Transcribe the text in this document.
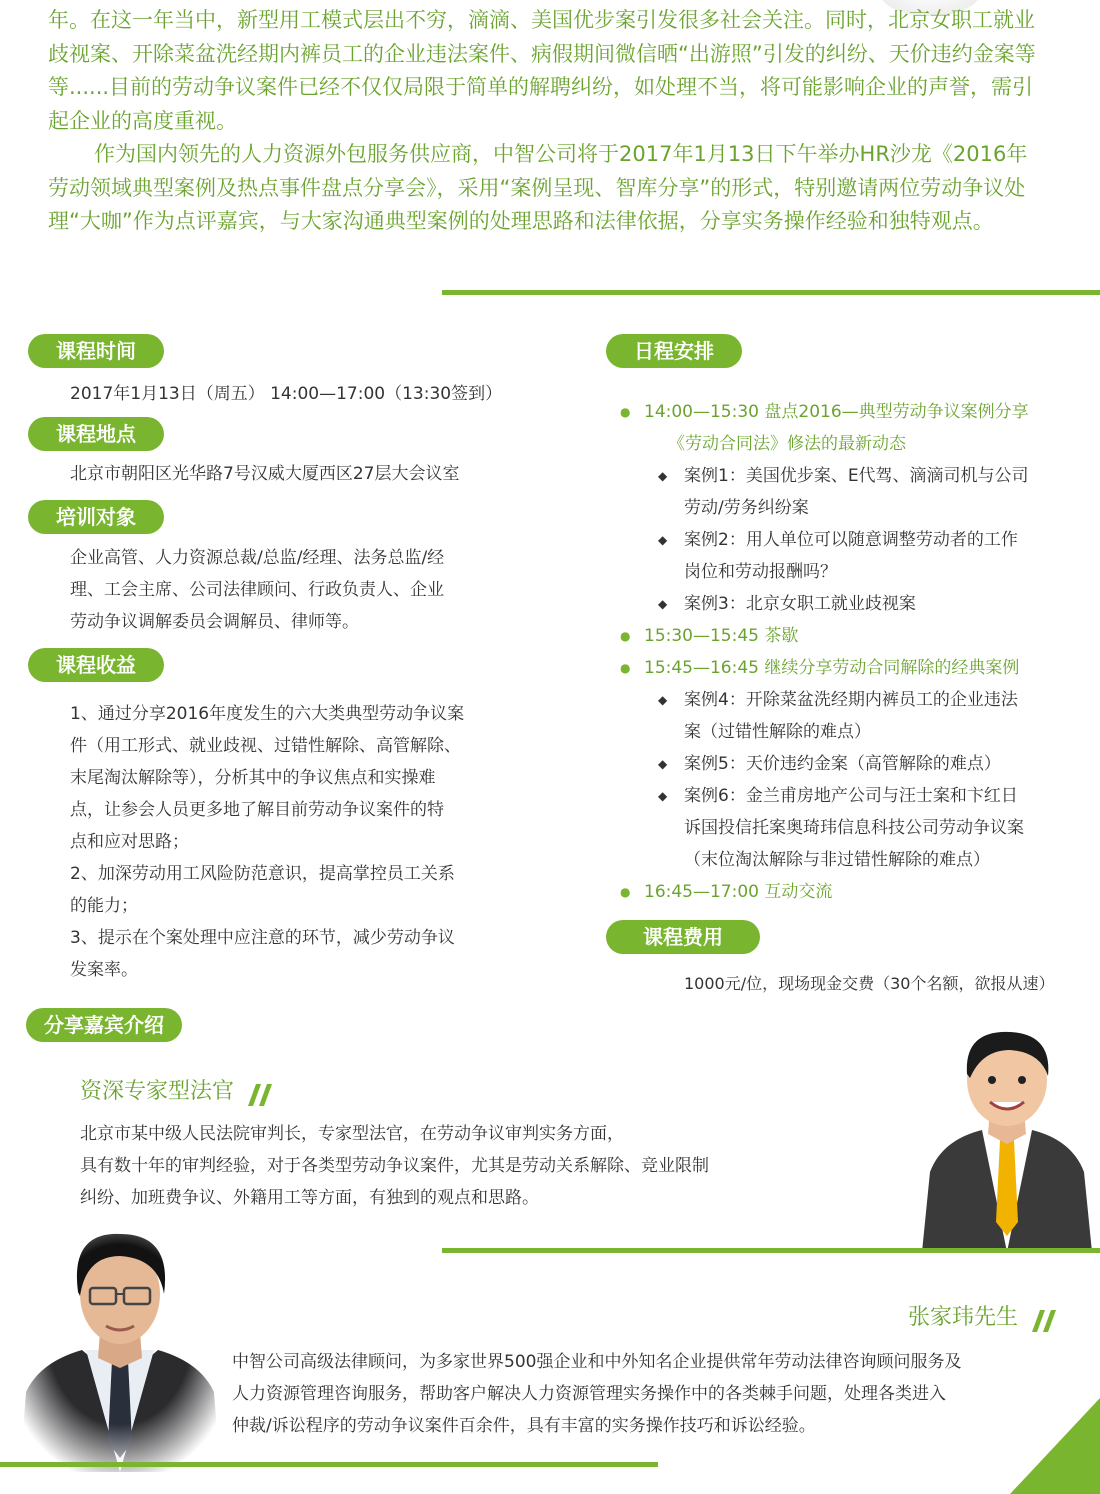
年。在这一年当中，新型用工模式层出不穷，滴滴、美国优步案引发很多社会关注。同时，北京女职工就业歧视案、开除菜盆洗经期内裤员工的企业违法案件、病假期间微信晒“出游照”引发的纠纷、天价违约金案等等......目前的劳动争议案件已经不仅仅局限于简单的解聘纠纷，如处理不当，将可能影响企业的声誉，需引起企业的高度重视。

作为国内领先的人力资源外包服务供应商，中智公司将于2017年1月13日下午举办HR沙龙《2016年劳动领域典型案例及热点事件盘点分享会》，采用“案例呈现、智库分享”的形式，特别邀请两位劳动争议处理“大咖”作为点评嘉宾，与大家沟通典型案例的处理思路和法律依据，分享实务操作经验和独特观点。

课程时间

2017年1月13日（周五） 14:00—17:00（13:30签到）

课程地点

北京市朝阳区光华路7号汉威大厦西区27层大会议室

培训对象
企业高管、人力资源总裁/总监/经理、法务总监/经
理、工会主席、公司法律顾问、行政负责人、企业
劳动争议调解委员会调解员、律师等。
课程收益
1、通过分享2016年度发生的六大类典型劳动争议案
件（用工形式、就业歧视、过错性解除、高管解除、
末尾淘汰解除等），分析其中的争议焦点和实操难
点，让参会人员更多地了解目前劳动争议案件的特
点和应对思路；
2、加深劳动用工风险防范意识，提高掌控员工关系
的能力；
3、提示在个案处理中应注意的环节，减少劳动争议
发案率。
日程安排
● 14:00—15:30 盘点2016—典型劳动争议案例分享
《劳动合同法》修法的最新动态
◆ 案例1：美国优步案、E代驾、滴滴司机与公司
劳动/劳务纠纷案
◆ 案例2：用人单位可以随意调整劳动者的工作
岗位和劳动报酬吗？
◆ 案例3：北京女职工就业歧视案
● 15:30—15:45 茶歇
● 15:45—16:45 继续分享劳动合同解除的经典案例
◆ 案例4：开除菜盆洗经期内裤员工的企业违法
案（过错性解除的难点）
◆ 案例5：天价违约金案（高管解除的难点）
◆ 案例6：金兰甫房地产公司与汪士案和卞红日
诉国投信托案奥琦玮信息科技公司劳动争议案
（末位淘汰解除与非过错性解除的难点）
● 16:45—17:00 互动交流
课程费用
1000元/位，现场现金交费（30个名额，欲报从速）
分享嘉宾介绍
资深专家型法官
北京市某中级人民法院审判长，专家型法官，在劳动争议审判实务方面，
具有数十年的审判经验，对于各类型劳动争议案件，尤其是劳动关系解除、竞业限制
纠纷、加班费争议、外籍用工等方面，有独到的观点和思路。
张家玮先生
中智公司高级法律顾问，为多家世界500强企业和中外知名企业提供常年劳动法律咨询顾问服务及
人力资源管理咨询服务，帮助客户解决人力资源管理实务操作中的各类棘手问题，处理各类进入
仲裁/诉讼程序的劳动争议案件百余件，具有丰富的实务操作技巧和诉讼经验。
